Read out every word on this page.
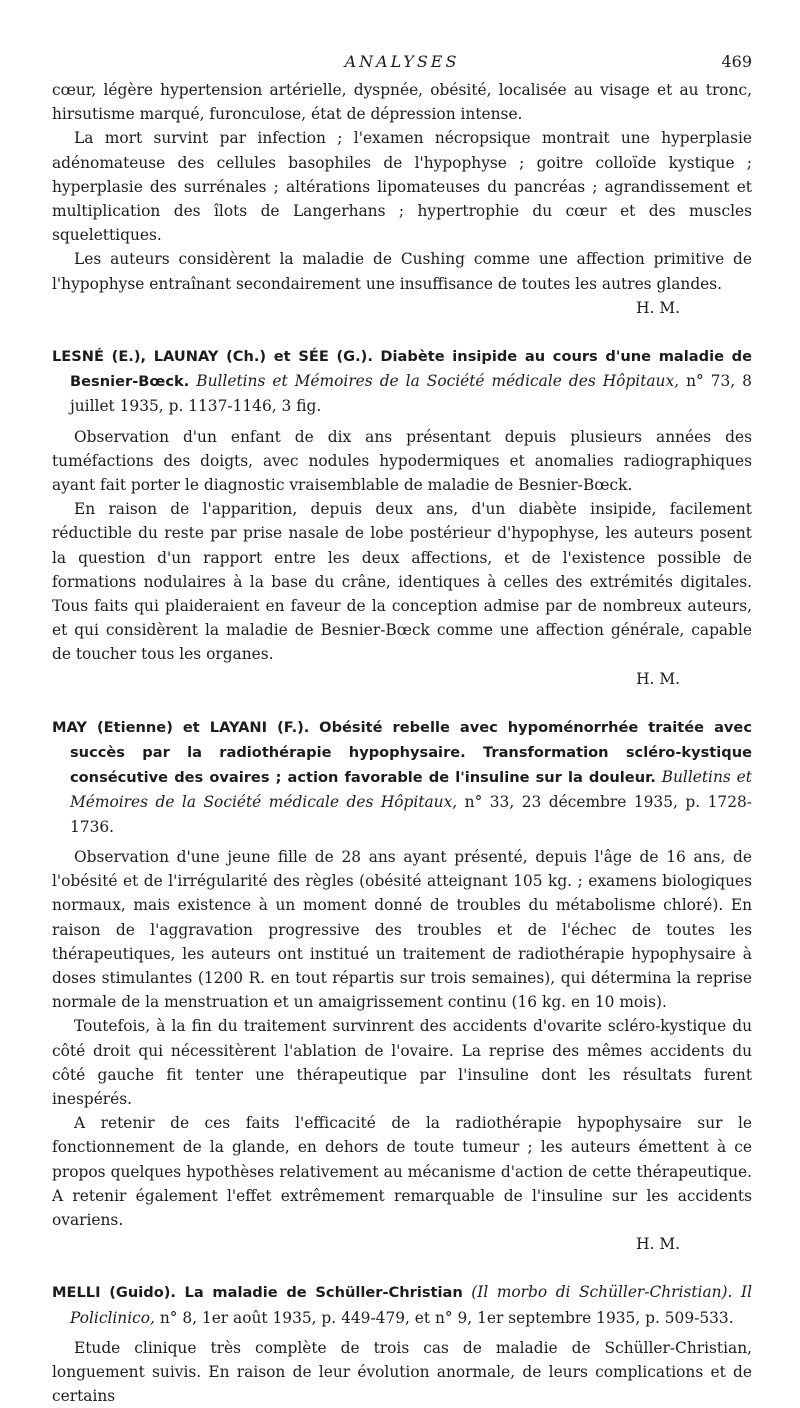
ANALYSES	469

cœur, légère hypertension artérielle, dyspnée, obésité, localisée au visage et au tronc, hirsutisme marqué, furonculose, état de dépression intense.

La mort survint par infection ; l'examen nécropsique montrait une hyperplasie adénomateuse des cellules basophiles de l'hypophyse ; goitre colloïde kystique ; hyperplasie des surrénales ; altérations lipomateuses du pancréas ; agrandissement et multiplication des îlots de Langerhans ; hypertrophie du cœur et des muscles squelettiques.

Les auteurs considèrent la maladie de Cushing comme une affection primitive de l'hypophyse entraînant secondairement une insuffisance de toutes les autres glandes.

H. M.

LESNÉ (E.), LAUNAY (Ch.) et SÉE (G.). Diabète insipide au cours d'une maladie de Besnier-Bœck. Bulletins et Mémoires de la Société médicale des Hôpitaux, n° 73, 8 juillet 1935, p. 1137-1146, 3 fig.

Observation d'un enfant de dix ans présentant depuis plusieurs années des tuméfactions des doigts, avec nodules hypodermiques et anomalies radiographiques ayant fait porter le diagnostic vraisemblable de maladie de Besnier-Bœck.

En raison de l'apparition, depuis deux ans, d'un diabète insipide, facilement réductible du reste par prise nasale de lobe postérieur d'hypophyse, les auteurs posent la question d'un rapport entre les deux affections, et de l'existence possible de formations nodulaires à la base du crâne, identiques à celles des extrémités digitales. Tous faits qui plaideraient en faveur de la conception admise par de nombreux auteurs, et qui considèrent la maladie de Besnier-Bœck comme une affection générale, capable de toucher tous les organes.

H. M.

MAY (Etienne) et LAYANI (F.). Obésité rebelle avec hypoménorrhée traitée avec succès par la radiothérapie hypophysaire. Transformation scléro-kystique consécutive des ovaires ; action favorable de l'insuline sur la douleur. Bulletins et Mémoires de la Société médicale des Hôpitaux, n° 33, 23 décembre 1935, p. 1728-1736.

Observation d'une jeune fille de 28 ans ayant présenté, depuis l'âge de 16 ans, de l'obésité et de l'irrégularité des règles (obésité atteignant 105 kg. ; examens biologiques normaux, mais existence à un moment donné de troubles du métabolisme chloré). En raison de l'aggravation progressive des troubles et de l'échec de toutes les thérapeutiques, les auteurs ont institué un traitement de radiothérapie hypophysaire à doses stimulantes (1200 R. en tout répartis sur trois semaines), qui détermina la reprise normale de la menstruation et un amaigrissement continu (16 kg. en 10 mois).

Toutefois, à la fin du traitement survinrent des accidents d'ovarite scléro-kystique du côté droit qui nécessitèrent l'ablation de l'ovaire. La reprise des mêmes accidents du côté gauche fit tenter une thérapeutique par l'insuline dont les résultats furent inespérés.

A retenir de ces faits l'efficacité de la radiothérapie hypophysaire sur le fonctionnement de la glande, en dehors de toute tumeur ; les auteurs émettent à ce propos quelques hypothèses relativement au mécanisme d'action de cette thérapeutique. A retenir également l'effet extrêmement remarquable de l'insuline sur les accidents ovariens.

H. M.

MELLI (Guido). La maladie de Schüller-Christian (Il morbo di Schüller-Christian). Il Policlinico, n° 8, 1er août 1935, p. 449-479, et n° 9, 1er septembre 1935, p. 509-533.

Etude clinique très complète de trois cas de maladie de Schüller-Christian, longuement suivis. En raison de leur évolution anormale, de leurs complications et de certains
